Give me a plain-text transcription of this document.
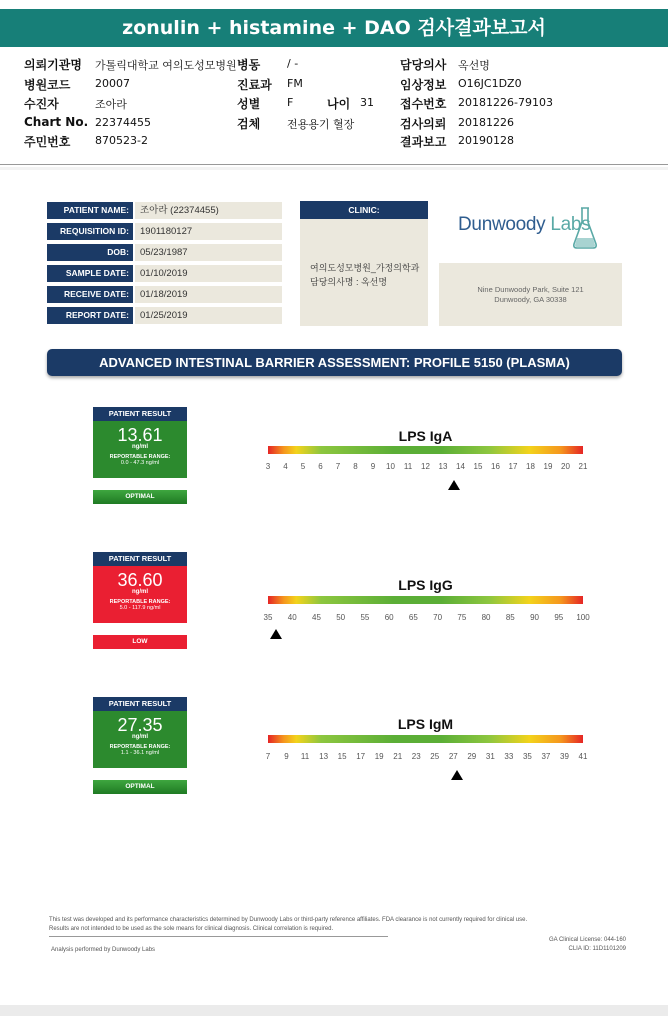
zonulin + histamine + DAO 검사결과보고서
의뢰기관명 가톨릭대학교 여의도성모병원
병원코드 20007
수진자	조아라
Chart No. 22374455
주민번호 870523-2
병동 / -
진료과 FM
성별 F	나이 31
검체 전용용기 혈장
담당의사 옥선명
임상정보 O16JC1DZ0
접수번호 20181226-79103
검사의뢰 20181226
결과보고 20190128
PATIENT NAME:	조아라 (22374455)
REQUISITION ID:	1901180127
DOB:	05/23/1987
SAMPLE DATE:	01/10/2019
RECEIVE DATE:	01/18/2019
REPORT DATE:	01/25/2019
CLINIC:
여의도성모병원_가정의학과
담당의사명 : 옥선명
Dunwoody Labs
Nine Dunwoody Park, Suite 121
Dunwoody, GA 30338
ADVANCED INTESTINAL BARRIER ASSESSMENT: PROFILE 5150 (PLASMA)
PATIENT RESULT
13.61
ng/ml
REPORTABLE RANGE:
0.0 - 47.3 ng/ml
OPTIMAL
LPS IgA
3 4 5 6 7 8 9 10 11 12 13 14 15 16 17 18 19 20 21
PATIENT RESULT
36.60
ng/ml
REPORTABLE RANGE:
5.0 - 117.9 ng/ml
LOW
LPS IgG
35 40 45 50 55 60 65 70 75 80 85 90 95 100
PATIENT RESULT
27.35
ng/ml
REPORTABLE RANGE:
1.1 - 36.1 ng/ml
OPTIMAL
LPS IgM
7 9 11 13 15 17 19 21 23 25 27 29 31 33 35 37 39 41
This test was developed and its performance characteristics determined by Dunwoody Labs or third-party reference affiliates. FDA clearance is not currently required for clinical use.
Results are not intended to be used as the sole means for clinical diagnosis. Clinical correlation is required.
Analysis performed by Dunwoody Labs
GA Clinical License: 044-160
CLIA ID: 11D1101209
